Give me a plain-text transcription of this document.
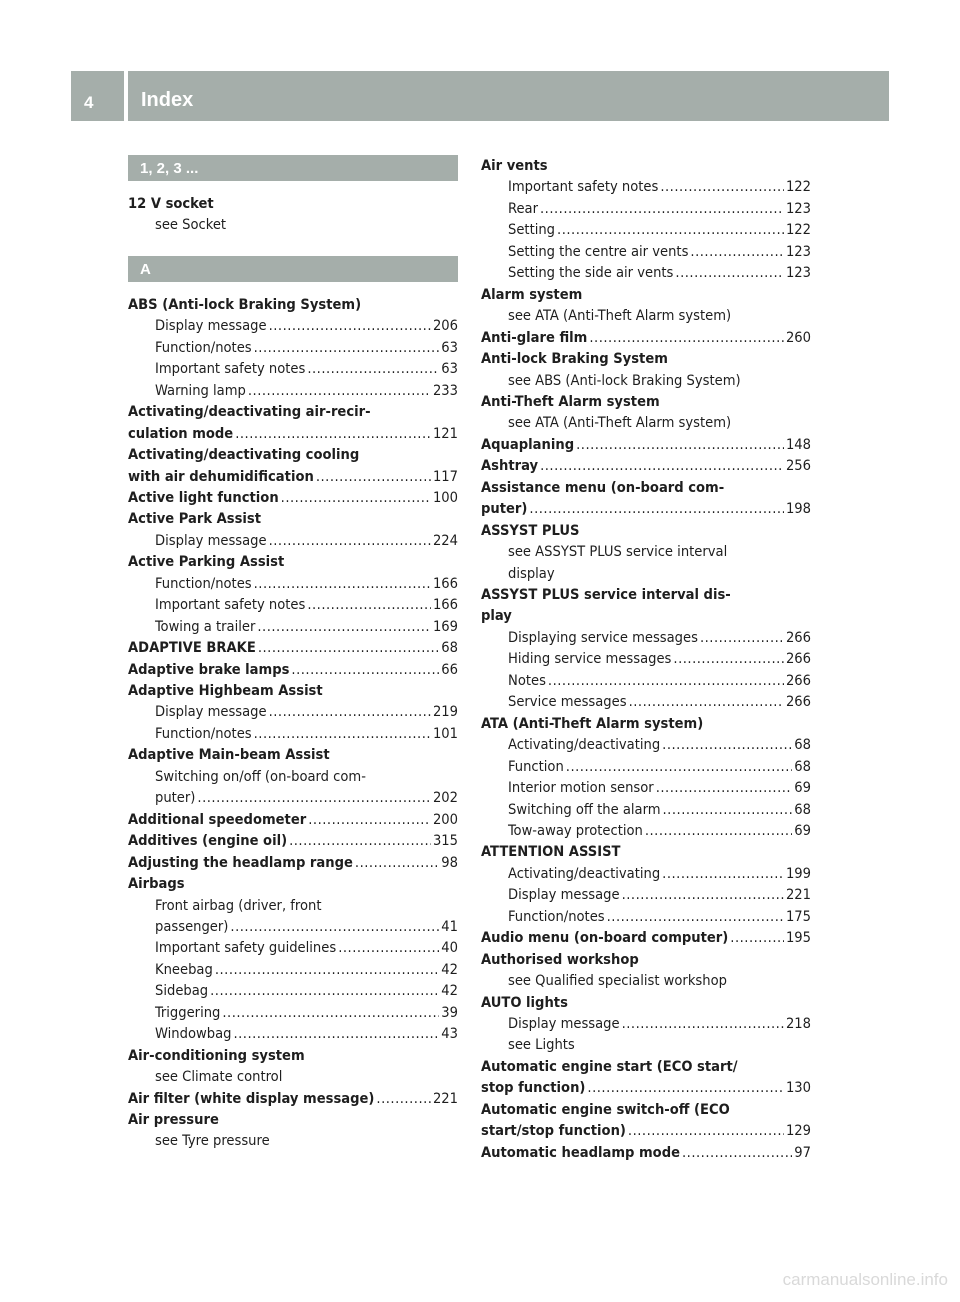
4 Index
1, 2, 3 ...
12 V socket
see Socket
A
ABS (Anti-lock Braking System)
Display message .....	206
Function/notes .....	63
Important safety notes .....	63
Warning lamp .....	233
Activating/deactivating air-recir-
culation mode .....	121
Activating/deactivating cooling
with air dehumidification .....	117
Active light function .....	100
Active Park Assist
Display message .....	224
Active Parking Assist
Function/notes .....	166
Important safety notes .....	166
Towing a trailer .....	169
ADAPTIVE BRAKE .....	68
Adaptive brake lamps .....	66
Adaptive Highbeam Assist
Display message .....	219
Function/notes .....	101
Adaptive Main-beam Assist
Switching on/off (on-board com-
puter) .....	202
Additional speedometer .....	200
Additives (engine oil) .....	315
Adjusting the headlamp range .....	98
Airbags
Front airbag (driver, front
passenger) .....	41
Important safety guidelines .....	40
Kneebag .....	42
Sidebag .....	42
Triggering .....	39
Windowbag .....	43
Air-conditioning system
see Climate control
Air filter (white display message) .....	221
Air pressure
see Tyre pressure
Air vents
Important safety notes .....	122
Rear .....	123
Setting .....	122
Setting the centre air vents .....	123
Setting the side air vents .....	123
Alarm system
see ATA (Anti-Theft Alarm system)
Anti-glare film .....	260
Anti-lock Braking System
see ABS (Anti-lock Braking System)
Anti-Theft Alarm system
see ATA (Anti-Theft Alarm system)
Aquaplaning .....	148
Ashtray .....	256
Assistance menu (on-board com-
puter) .....	198
ASSYST PLUS
see ASSYST PLUS service interval
display
ASSYST PLUS service interval dis-
play
Displaying service messages .....	266
Hiding service messages .....	266
Notes .....	266
Service messages .....	266
ATA (Anti-Theft Alarm system)
Activating/deactivating .....	68
Function .....	68
Interior motion sensor .....	69
Switching off the alarm .....	68
Tow-away protection .....	69
ATTENTION ASSIST
Activating/deactivating .....	199
Display message .....	221
Function/notes .....	175
Audio menu (on-board computer) .....	195
Authorised workshop
see Qualified specialist workshop
AUTO lights
Display message .....	218
see Lights
Automatic engine start (ECO start/
stop function) .....	130
Automatic engine switch-off (ECO
start/stop function) .....	129
Automatic headlamp mode .....	97
carmanualsonline.info
